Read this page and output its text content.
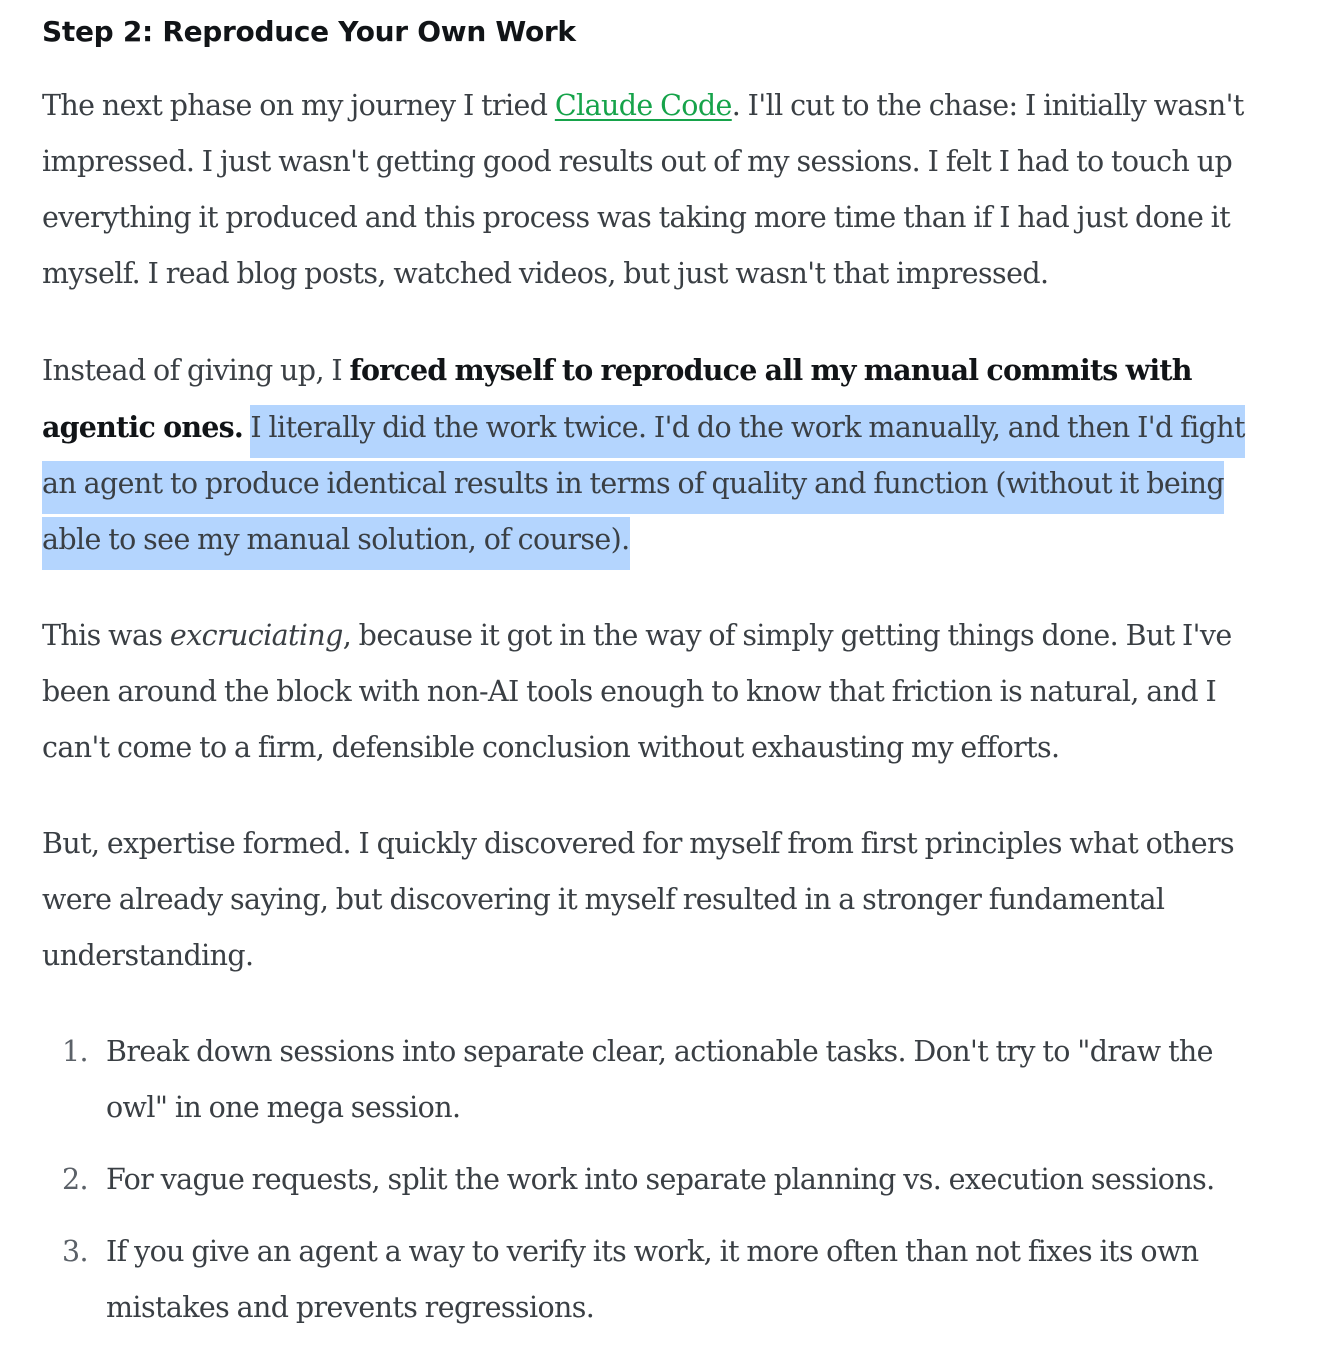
Step 2: Reproduce Your Own Work

The next phase on my journey I tried Claude Code. I'll cut to the chase: I initially wasn't impressed. I just wasn't getting good results out of my sessions. I felt I had to touch up everything it produced and this process was taking more time than if I had just done it myself. I read blog posts, watched videos, but just wasn't that impressed.

Instead of giving up, I forced myself to reproduce all my manual commits with agentic ones. I literally did the work twice. I'd do the work manually, and then I'd fight an agent to produce identical results in terms of quality and function (without it being able to see my manual solution, of course).

This was excruciating, because it got in the way of simply getting things done. But I've been around the block with non-AI tools enough to know that friction is natural, and I can't come to a firm, defensible conclusion without exhausting my efforts.

But, expertise formed. I quickly discovered for myself from first principles what others were already saying, but discovering it myself resulted in a stronger fundamental understanding.

1. Break down sessions into separate clear, actionable tasks. Don't try to "draw the owl" in one mega session.
2. For vague requests, split the work into separate planning vs. execution sessions.
3. If you give an agent a way to verify its work, it more often than not fixes its own mistakes and prevents regressions.
